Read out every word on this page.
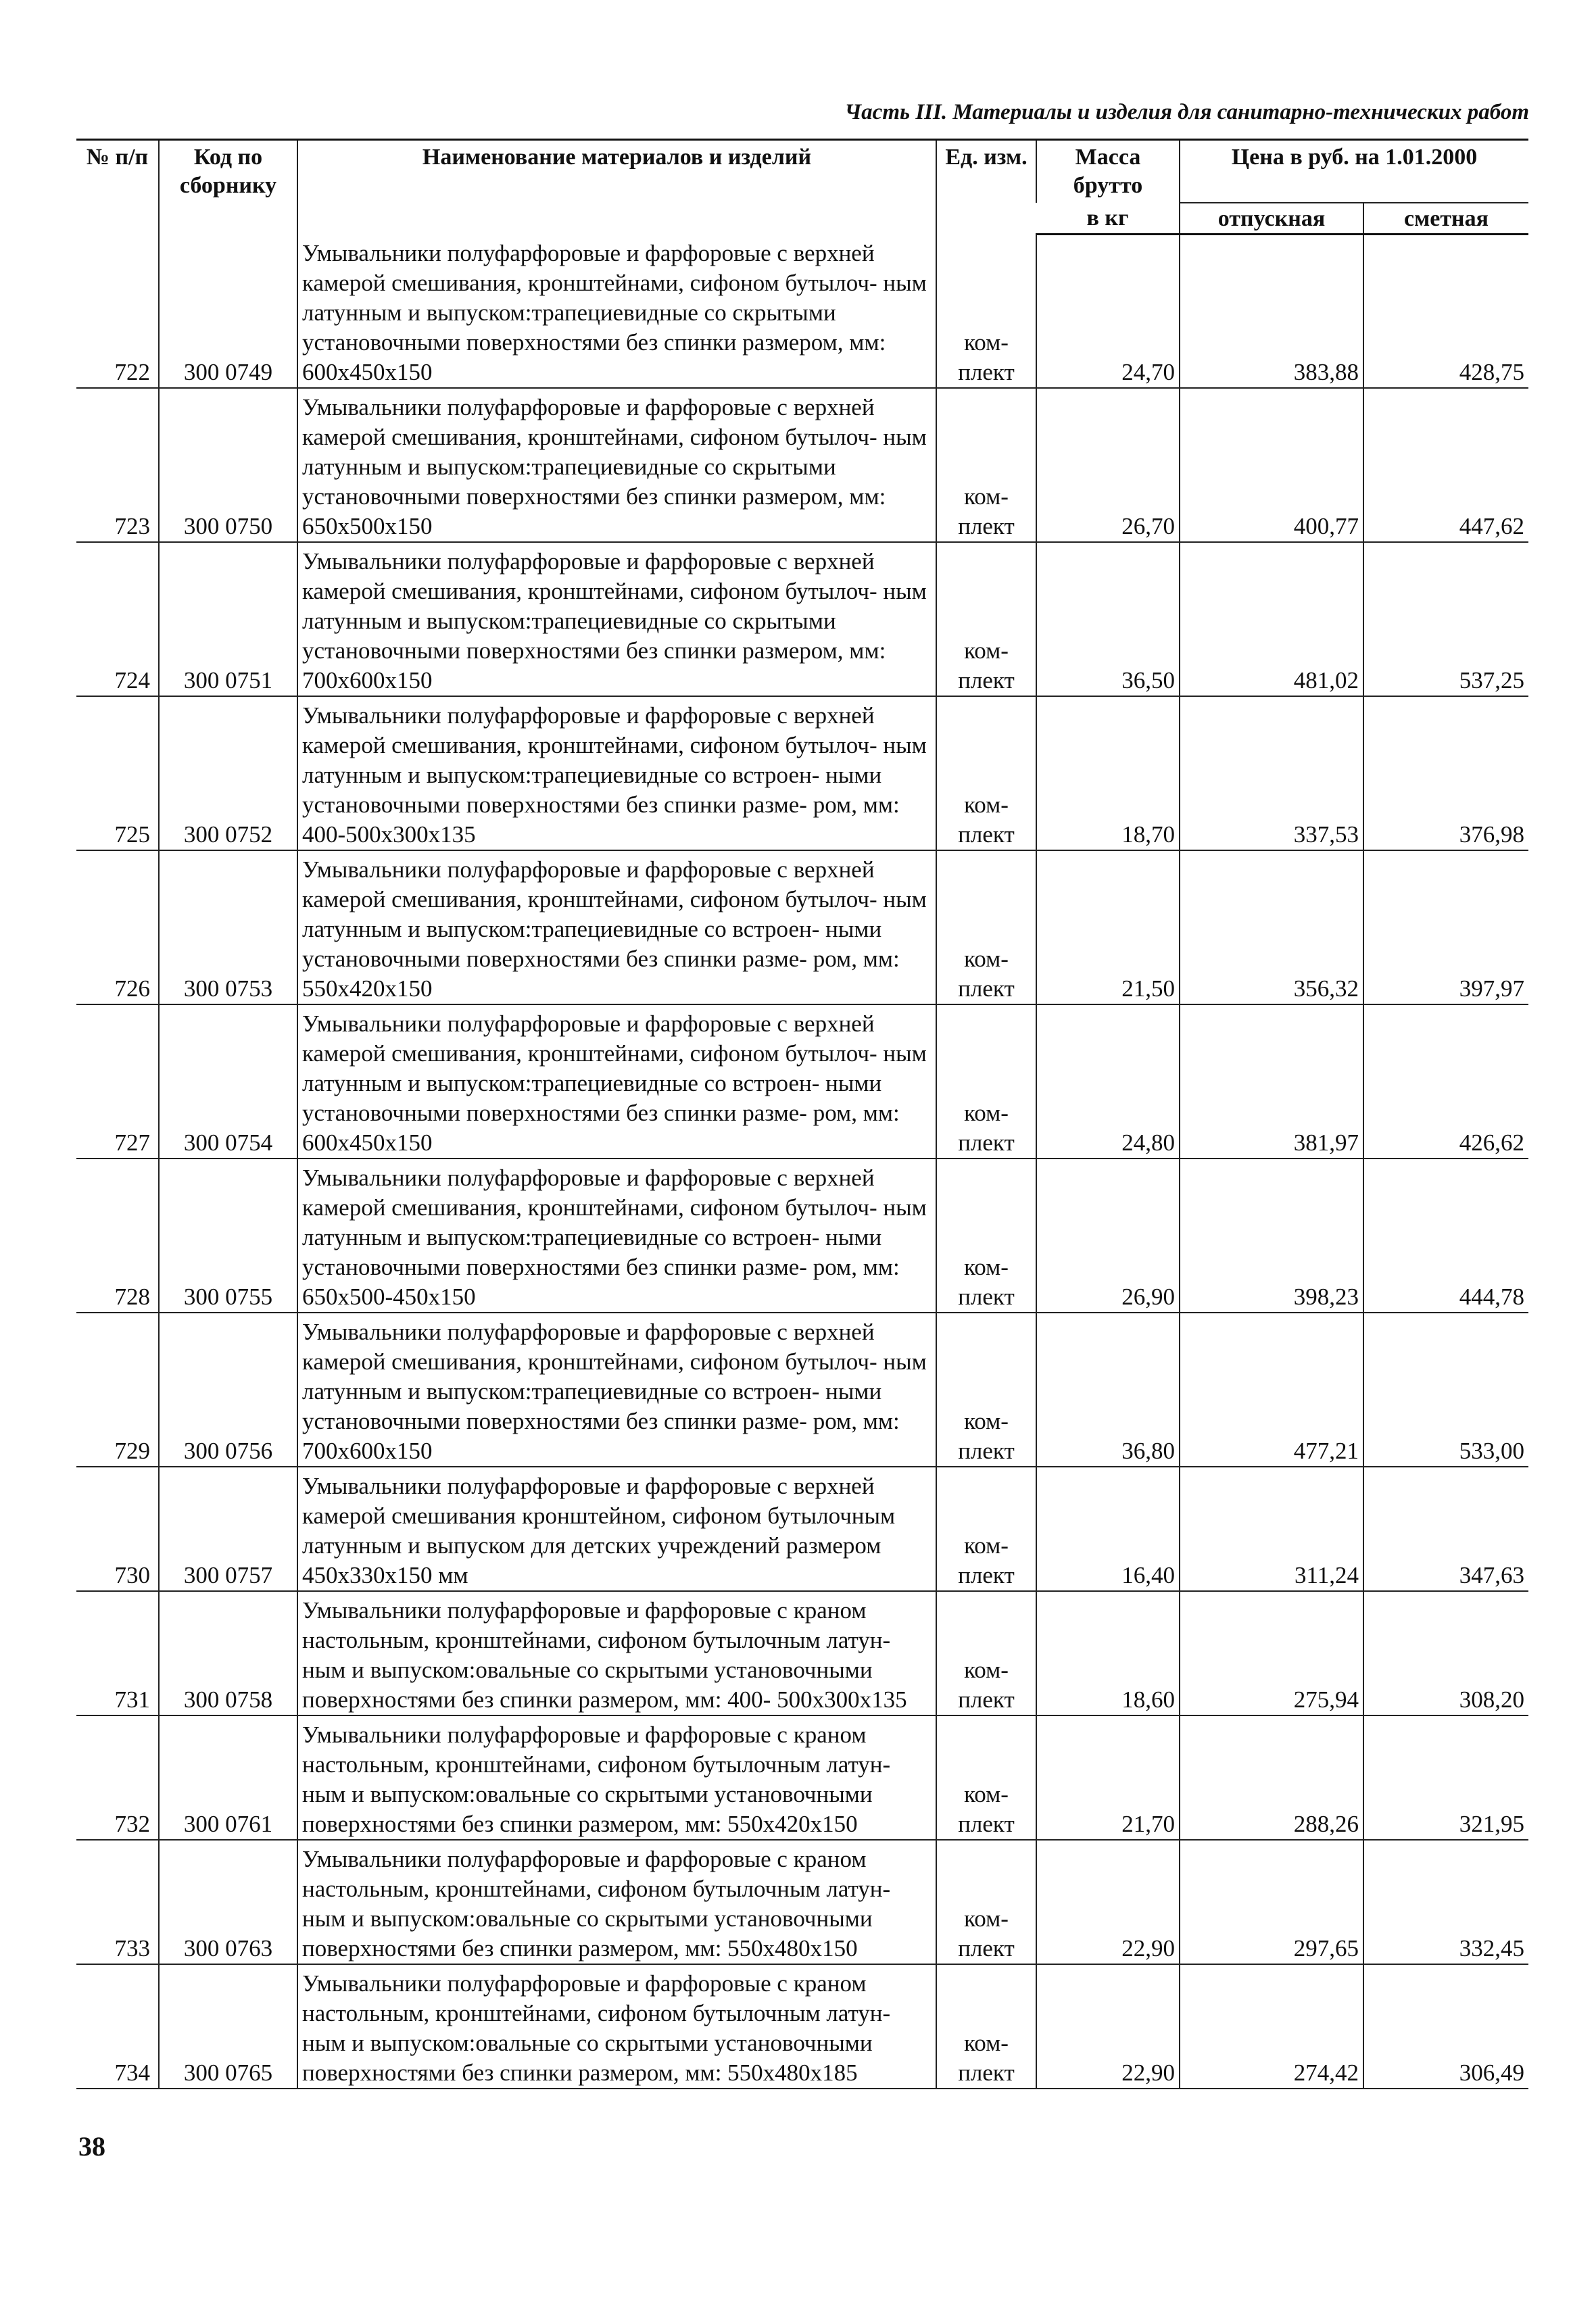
Часть III. Материалы и изделия для санитарно-технических работ
№ п/п	Код по сборнику	Наименование материалов и изделий	Ед. изм.	Масса брутто	Цена в руб. на 1.01.2000	
				в кг	отпускная	сметная
722	300 0749	Умывальники полуфарфоровые и фарфоровые с верхней камерой смешивания, кронштейнами, сифоном бутылоч- ным латунным и выпуском:трапециевидные со скрытыми установочными поверхностями без спинки размером, мм: 600x450x150	ком- плект	24,70	383,88	428,75
723	300 0750	Умывальники полуфарфоровые и фарфоровые с верхней камерой смешивания, кронштейнами, сифоном бутылоч- ным латунным и выпуском:трапециевидные со скрытыми установочными поверхностями без спинки размером, мм: 650x500x150	ком- плект	26,70	400,77	447,62
724	300 0751	Умывальники полуфарфоровые и фарфоровые с верхней камерой смешивания, кронштейнами, сифоном бутылоч- ным латунным и выпуском:трапециевидные со скрытыми установочными поверхностями без спинки размером, мм: 700x600x150	ком- плект	36,50	481,02	537,25
725	300 0752	Умывальники полуфарфоровые и фарфоровые с верхней камерой смешивания, кронштейнами, сифоном бутылоч- ным латунным и выпуском:трапециевидные со встроен- ными установочными поверхностями без спинки разме- ром, мм: 400-500x300x135	ком- плект	18,70	337,53	376,98
726	300 0753	Умывальники полуфарфоровые и фарфоровые с верхней камерой смешивания, кронштейнами, сифоном бутылоч- ным латунным и выпуском:трапециевидные со встроен- ными установочными поверхностями без спинки разме- ром, мм: 550x420x150	ком- плект	21,50	356,32	397,97
727	300 0754	Умывальники полуфарфоровые и фарфоровые с верхней камерой смешивания, кронштейнами, сифоном бутылоч- ным латунным и выпуском:трапециевидные со встроен- ными установочными поверхностями без спинки разме- ром, мм: 600x450x150	ком- плект	24,80	381,97	426,62
728	300 0755	Умывальники полуфарфоровые и фарфоровые с верхней камерой смешивания, кронштейнами, сифоном бутылоч- ным латунным и выпуском:трапециевидные со встроен- ными установочными поверхностями без спинки разме- ром, мм: 650x500-450x150	ком- плект	26,90	398,23	444,78
729	300 0756	Умывальники полуфарфоровые и фарфоровые с верхней камерой смешивания, кронштейнами, сифоном бутылоч- ным латунным и выпуском:трапециевидные со встроен- ными установочными поверхностями без спинки разме- ром, мм: 700x600x150	ком- плект	36,80	477,21	533,00
730	300 0757	Умывальники полуфарфоровые и фарфоровые с верхней камерой смешивания кронштейном, сифоном бутылочным латунным и выпуском для детских учреждений размером 450x330x150 мм	ком- плект	16,40	311,24	347,63
731	300 0758	Умывальники полуфарфоровые и фарфоровые с краном настольным, кронштейнами, сифоном бутылочным латун- ным и выпуском:овальные со скрытыми установочными поверхностями без спинки размером, мм: 400- 500x300x135	ком- плект	18,60	275,94	308,20
732	300 0761	Умывальники полуфарфоровые и фарфоровые с краном настольным, кронштейнами, сифоном бутылочным латун- ным и выпуском:овальные со скрытыми установочными поверхностями без спинки размером, мм: 550x420x150	ком- плект	21,70	288,26	321,95
733	300 0763	Умывальники полуфарфоровые и фарфоровые с краном настольным, кронштейнами, сифоном бутылочным латун- ным и выпуском:овальные со скрытыми установочными поверхностями без спинки размером, мм: 550x480x150	ком- плект	22,90	297,65	332,45
734	300 0765	Умывальники полуфарфоровые и фарфоровые с краном настольным, кронштейнами, сифоном бутылочным латун- ным и выпуском:овальные со скрытыми установочными поверхностями без спинки размером, мм: 550x480x185	ком- плект	22,90	274,42	306,49
38
